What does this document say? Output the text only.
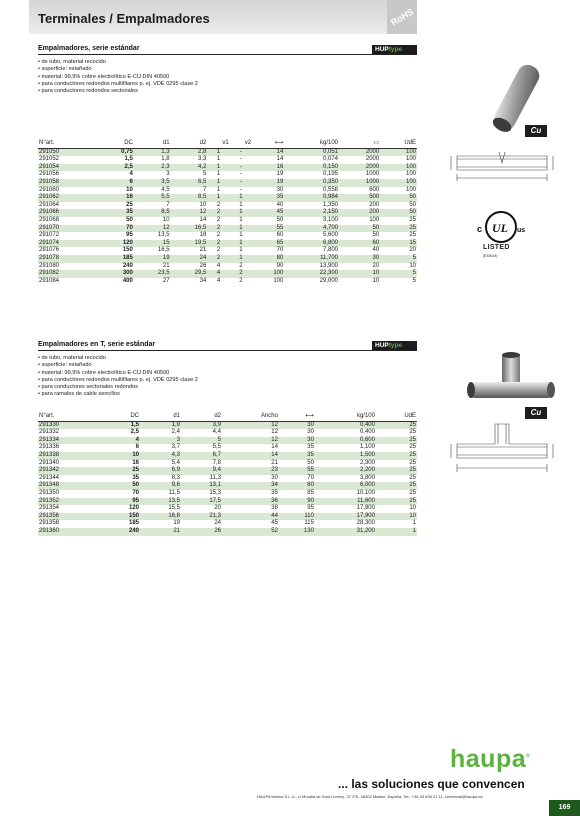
Terminales / Empalmadores	RoHS
Empalmadores, serie estándar	HUPtype
• de tubo, material recocido
• superficie: estañado
• material: 99,9% cobre electrolítico E-CU DIN 40500
• para conductores redondos multifilares p. ej. VDE 0295 clase 2
• para conductores redondos sectoriales
N°art.	DC	d1	d2	v1	v2	⟷	kg/100	▭	UdE
291050	0,75	1,3	2,8	1	-	14	0,051	2000	100
291052	1,5	1,8	3,3	1	-	14	0,074	2000	100
291054	2,5	2,3	4,2	1	-	16	0,150	2000	100
291056	4	3	5	1	-	19	0,195	1000	100
291058	6	3,5	6,5	1	-	19	0,350	1000	100
291060	10	4,5	7	1	-	30	0,558	600	100
291062	16	5,5	8,5	1	1	35	0,984	500	50
291064	25	7	10	2	1	40	1,350	200	50
291066	35	8,5	12	2	1	45	2,150	200	50
291068	50	10	14	2	1	50	3,100	100	25
291070	70	12	16,5	2	1	55	4,700	50	25
291072	95	13,5	18	2	1	60	5,600	50	25
291074	120	15	19,5	2	1	65	6,800	60	15
291076	150	16,5	21	2	1	70	7,800	40	20
291078	185	19	24	2	1	80	11,700	30	5
291080	240	21	26	4	2	90	13,900	20	10
291082	300	23,5	29,5	4	2	100	22,300	10	5
291084	400	27	34	4	2	100	29,000	10	5
Empalmadores en T, serie estándar	HUPtype
• de tubo, material recocido
• superficie: estañado
• material: 99,9% cobre electrolítico E-CU DIN 40500
• para conductores redondos multifilares p. ej. VDE 0295 clase 2
• para conductores sectoriales redondos
• para ramales de cable sencillos
N°art.	DC	d1	d2	Ancho	⟷	kg/100	UdE
291330	1,5	1,9	3,9	12	30	0,400	25
291332	2,5	2,4	4,4	12	30	0,400	25
291334	4	3	5	12	30	0,600	25
291336	6	3,7	5,5	14	35	1,100	25
291338	10	4,3	6,7	14	35	1,500	25
291340	16	5,4	7,8	21	50	2,300	25
291342	25	6,9	9,4	23	55	2,200	25
291344	35	8,3	11,3	30	70	3,800	25
291348	50	9,6	13,1	34	80	6,000	25
291350	70	11,5	15,3	35	85	10,100	25
291352	95	13,5	17,5	36	90	11,600	25
291354	120	15,5	20	38	95	17,800	10
291356	150	16,8	21,3	44	110	17,900	10
291358	185	19	24	45	115	28,300	1
291360	240	21	26	52	130	31,200	1
Cu
c UL us
LISTED
(E33019)
Cu
haupa®
... las soluciones que convencen
HAUPA Ibérica S.L.U., c/ Muralla de Sant Llorenç, 37 2ºA, 08302 Mataró, España, Tel.: +34 93 638 21 11, comercial@haupa.es
169
